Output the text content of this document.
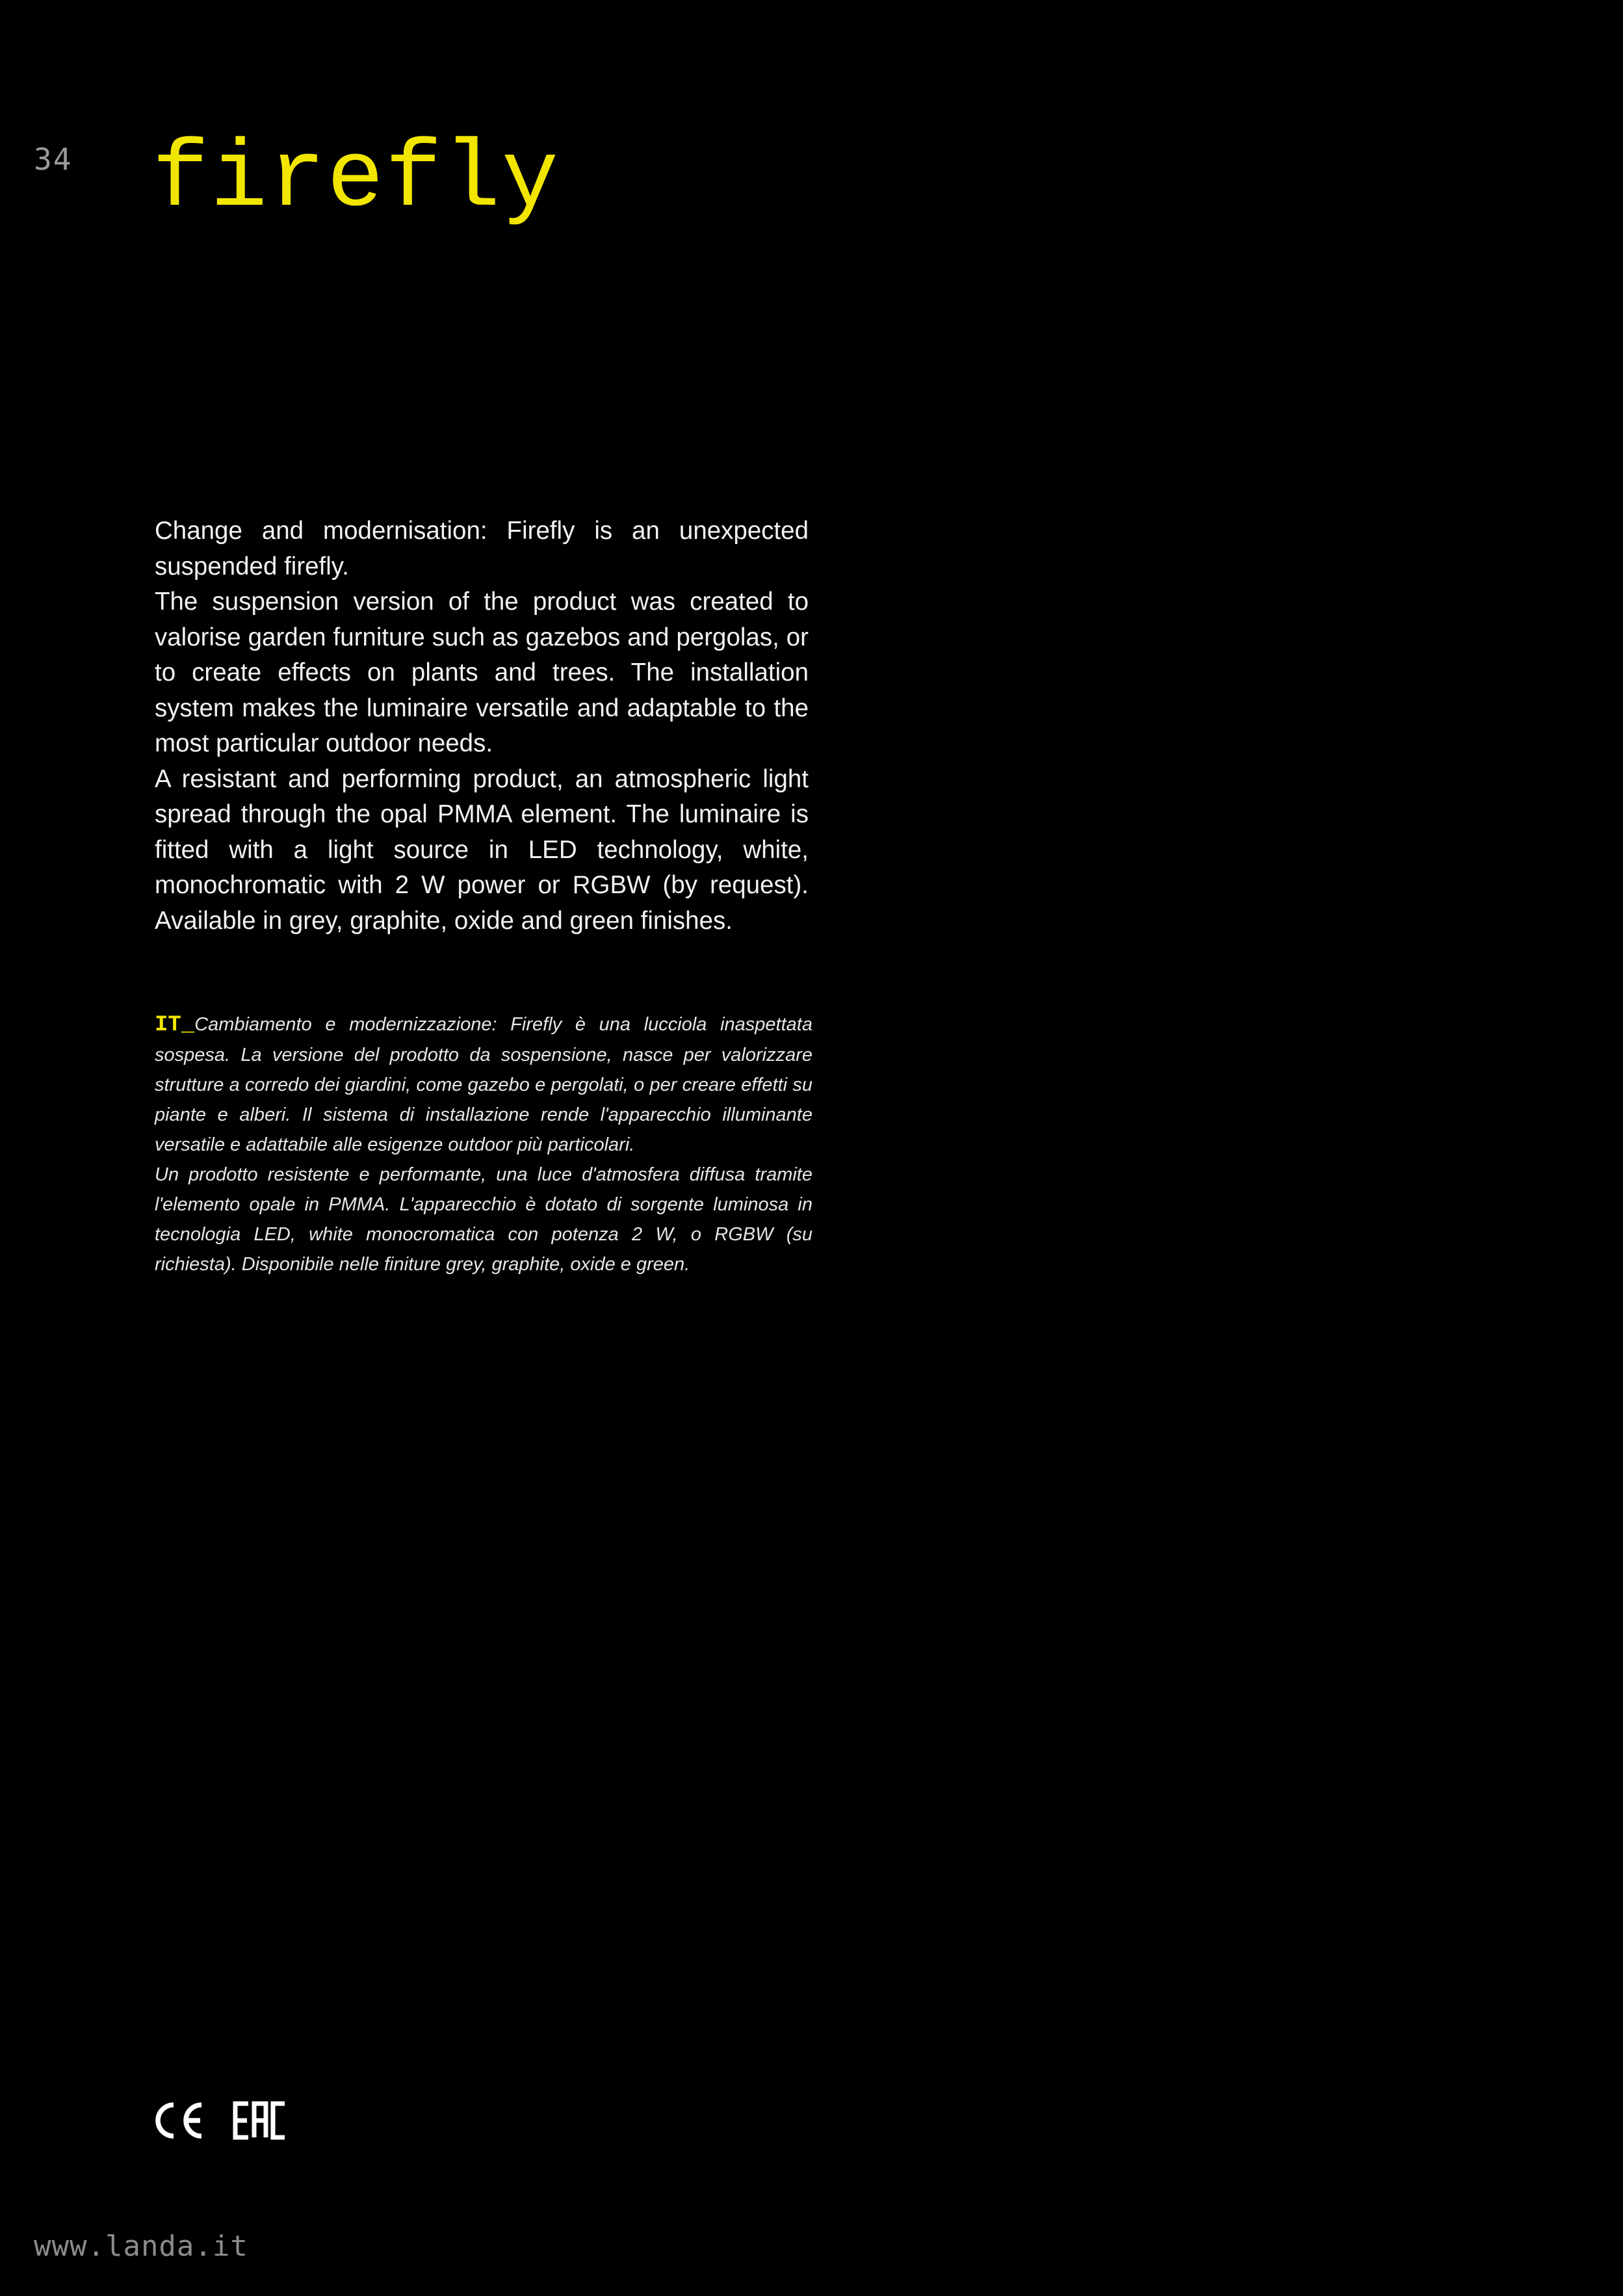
34 firefly

Change and modernisation: Firefly is an unexpected suspended firefly.

The suspension version of the product was created to valorise garden furniture such as gazebos and pergolas, or to create effects on plants and trees. The installation system makes the luminaire versatile and adaptable to the most particular outdoor needs.

A resistant and performing product, an atmospheric light spread through the opal PMMA element. The luminaire is fitted with a light source in LED technology, white, monochromatic with 2 W power or RGBW (by request). Available in grey, graphite, oxide and green finishes.

IT_Cambiamento e modernizzazione: Firefly è una lucciola inaspettata sospesa. La versione del prodotto da sospensione, nasce per valorizzare strutture a corredo dei giardini, come gazebo e pergolati, o per creare effetti su piante e alberi. Il sistema di installazione rende l'apparecchio illuminante versatile e adattabile alle esigenze outdoor più particolari.

Un prodotto resistente e performante, una luce d'atmosfera diffusa tramite l'elemento opale in PMMA. L'apparecchio è dotato di sorgente luminosa in tecnologia LED, white monocromatica con potenza 2 W, o RGBW (su richiesta). Disponibile nelle finiture grey, graphite, oxide e green.

www.landa.it
